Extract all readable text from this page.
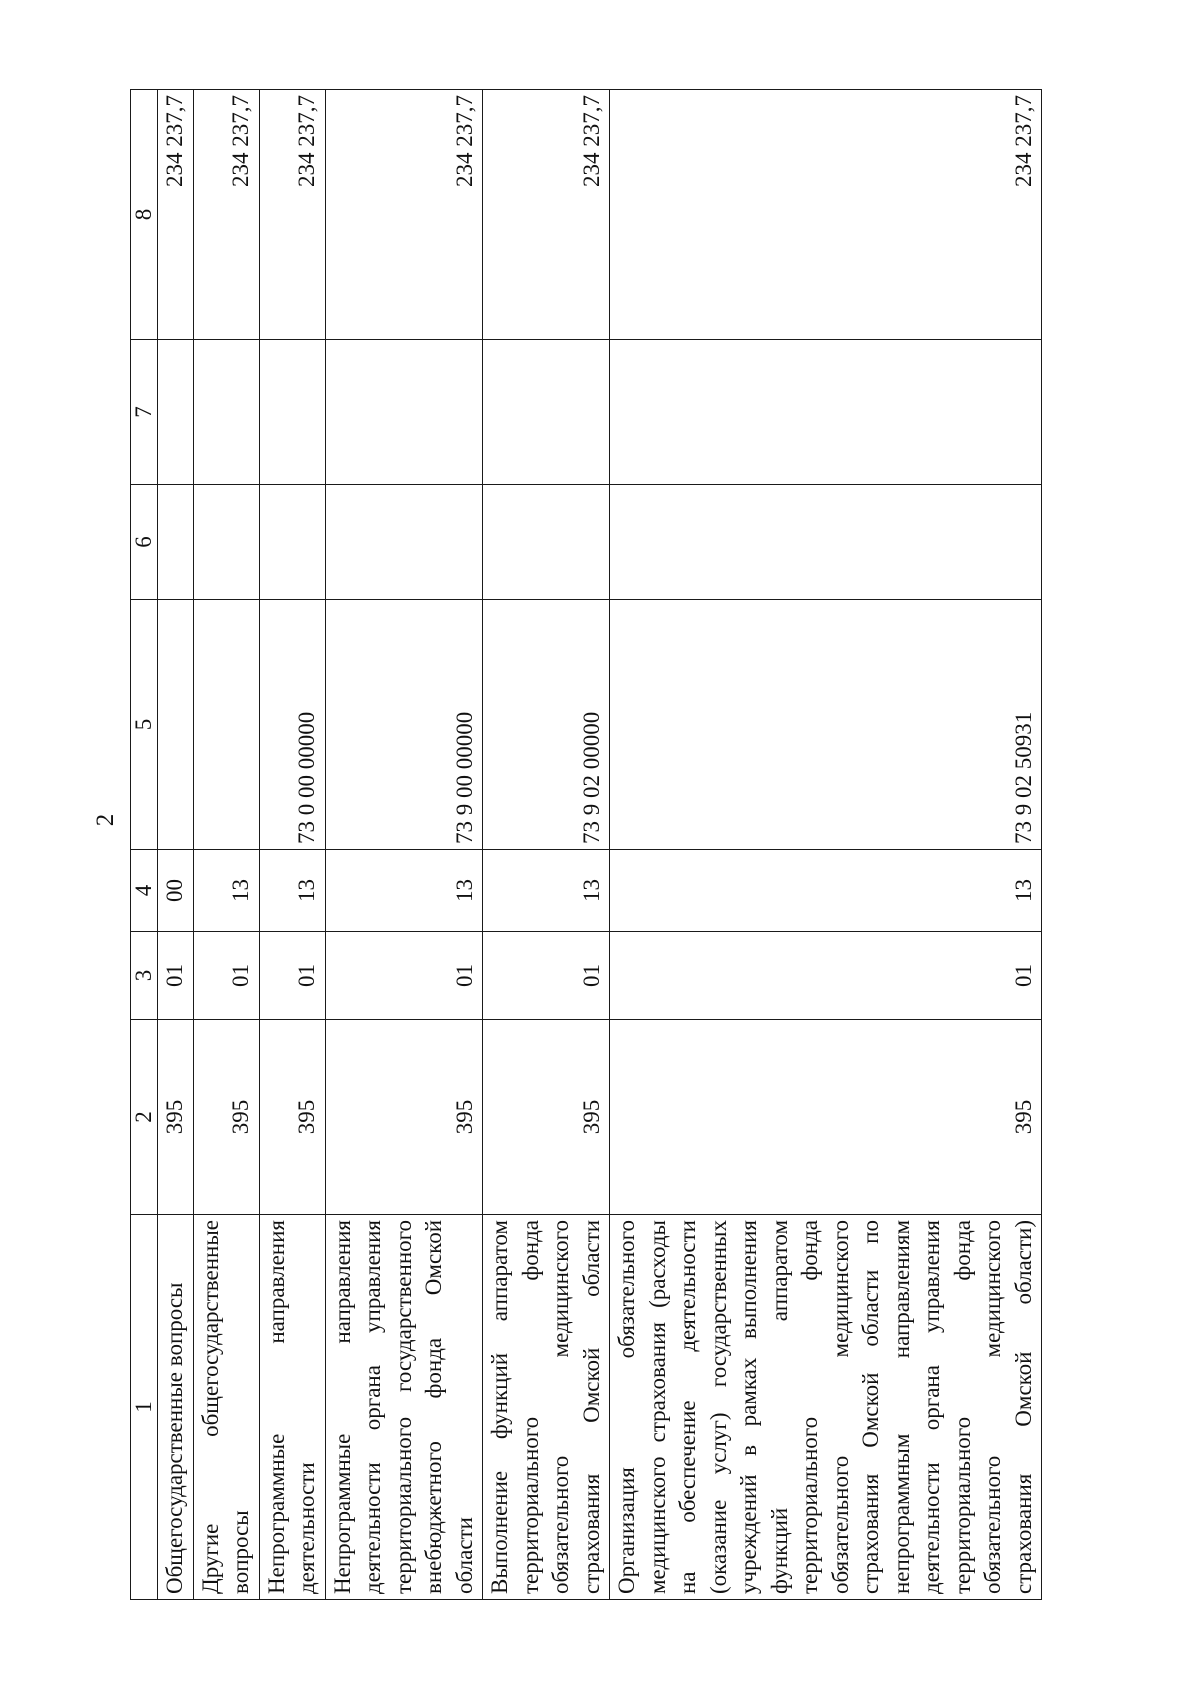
2
1	2	3	4	5	6	7	8

Общегосударственные вопросы	395	01	00				234 237,7

Другие общегосударственные вопросы	395	01	13				234 237,7

Непрограммные направления деятельности	395	01	13	73 0 00 00000			234 237,7

Непрограммные направления деятельности органа управления территориального государственного внебюджетного фонда Омской области	395	01	13	73 9 00 00000			234 237,7

Выполнение функций аппаратом территориального фонда обязательного медицинского страхования Омской области	395	01	13	73 9 02 00000			234 237,7

Организация обязательного медицинского страхования (расходы на обеспечение деятельности (оказание услуг) государственных учреждений в рамках выполнения функций аппаратом территориального фонда обязательного медицинского страхования Омской области по непрограммным направлениям деятельности органа управления территориального фонда обязательного медицинского страхования Омской области)	395	01	13	73 9 02 50931			234 237,7
